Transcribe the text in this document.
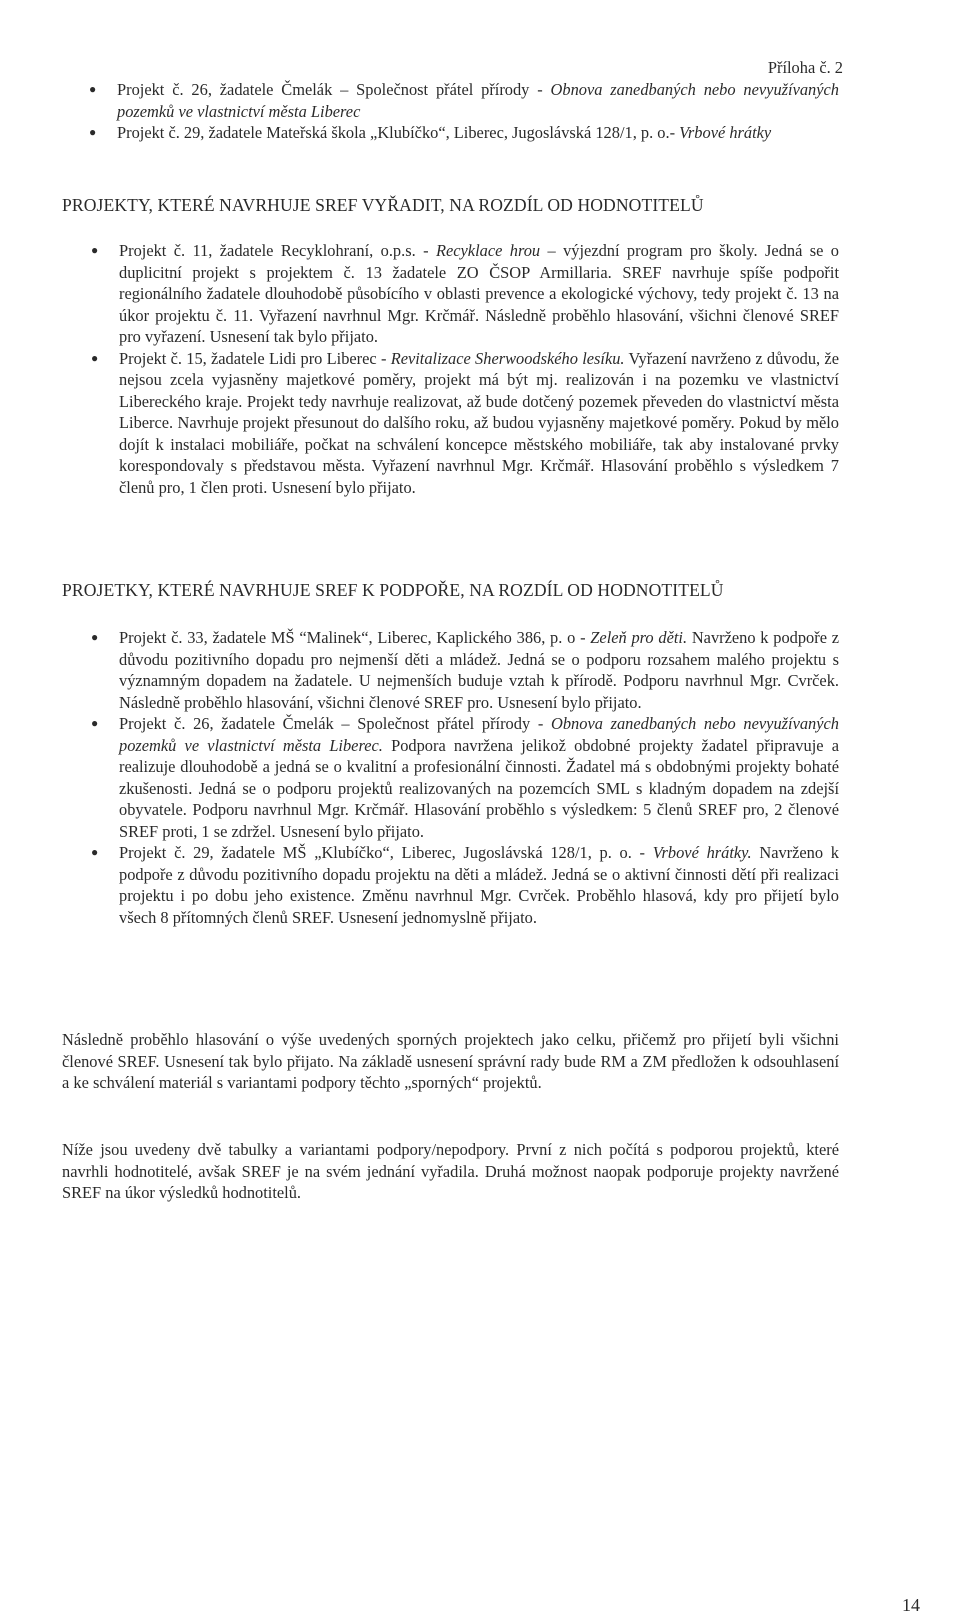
Příloha č. 2
● Projekt č. 26, žadatele Čmelák – Společnost přátel přírody - Obnova zanedbaných nebo nevyužívaných pozemků ve vlastnictví města Liberec
● Projekt č. 29, žadatele Mateřská škola „Klubíčko“, Liberec, Jugoslávská 128/1, p. o.- Vrbové hrátky
PROJEKTY, KTERÉ NAVRHUJE SREF VYŘADIT, NA ROZDÍL OD HODNOTITELŮ
● Projekt č. 11, žadatele Recyklohraní, o.p.s. - Recyklace hrou – výjezdní program pro školy. Jedná se o duplicitní projekt s projektem č. 13 žadatele ZO ČSOP Armillaria. SREF navrhuje spíše podpořit regionálního žadatele dlouhodobě působícího v oblasti prevence a ekologické výchovy, tedy projekt č. 13 na úkor projektu č. 11. Vyřazení navrhnul Mgr. Krčmář. Následně proběhlo hlasování, všichni členové SREF pro vyřazení. Usnesení tak bylo přijato.
● Projekt č. 15, žadatele Lidi pro Liberec - Revitalizace Sherwoodského lesíku. Vyřazení navrženo z důvodu, že nejsou zcela vyjasněny majetkové poměry, projekt má být mj. realizován i na pozemku ve vlastnictví Libereckého kraje. Projekt tedy navrhuje realizovat, až bude dotčený pozemek převeden do vlastnictví města Liberce. Navrhuje projekt přesunout do dalšího roku, až budou vyjasněny majetkové poměry. Pokud by mělo dojít k instalaci mobiliáře, počkat na schválení koncepce městského mobiliáře, tak aby instalované prvky korespondovaly s představou města. Vyřazení navrhnul Mgr. Krčmář. Hlasování proběhlo s výsledkem 7 členů pro, 1 člen proti. Usnesení bylo přijato.
PROJETKY, KTERÉ NAVRHUJE SREF K PODPOŘE, NA ROZDÍL OD HODNOTITELŮ
● Projekt č. 33, žadatele MŠ “Malinek“, Liberec, Kaplického 386, p. o - Zeleň pro děti. Navrženo k podpoře z důvodu pozitivního dopadu pro nejmenší děti a mládež. Jedná se o podporu rozsahem malého projektu s významným dopadem na žadatele. U nejmenších buduje vztah k přírodě. Podporu navrhnul Mgr. Cvrček. Následně proběhlo hlasování, všichni členové SREF pro. Usnesení bylo přijato.
● Projekt č. 26, žadatele Čmelák – Společnost přátel přírody - Obnova zanedbaných nebo nevyužívaných pozemků ve vlastnictví města Liberec. Podpora navržena jelikož obdobné projekty žadatel připravuje a realizuje dlouhodobě a jedná se o kvalitní a profesionální činnosti. Žadatel má s obdobnými projekty bohaté zkušenosti. Jedná se o podporu projektů realizovaných na pozemcích SML s kladným dopadem na zdejší obyvatele. Podporu navrhnul Mgr. Krčmář. Hlasování proběhlo s výsledkem: 5 členů SREF pro, 2 členové SREF proti, 1 se zdržel. Usnesení bylo přijato.
● Projekt č. 29, žadatele MŠ „Klubíčko“, Liberec, Jugoslávská 128/1, p. o. - Vrbové hrátky. Navrženo k podpoře z důvodu pozitivního dopadu projektu na děti a mládež. Jedná se o aktivní činnosti dětí při realizaci projektu i po dobu jeho existence. Změnu navrhnul Mgr. Cvrček. Proběhlo hlasová, kdy pro přijetí bylo všech 8 přítomných členů SREF. Usnesení jednomyslně přijato.

Následně proběhlo hlasování o výše uvedených sporných projektech jako celku, přičemž pro přijetí byli všichni členové SREF. Usnesení tak bylo přijato. Na základě usnesení správní rady bude RM a ZM předložen k odsouhlasení a ke schválení materiál s variantami podpory těchto „sporných“ projektů.

Níže jsou uvedeny dvě tabulky a variantami podpory/nepodpory. První z nich počítá s podporou projektů, které navrhli hodnotitelé, avšak SREF je na svém jednání vyřadila. Druhá možnost naopak podporuje projekty navržené SREF na úkor výsledků hodnotitelů.

14
